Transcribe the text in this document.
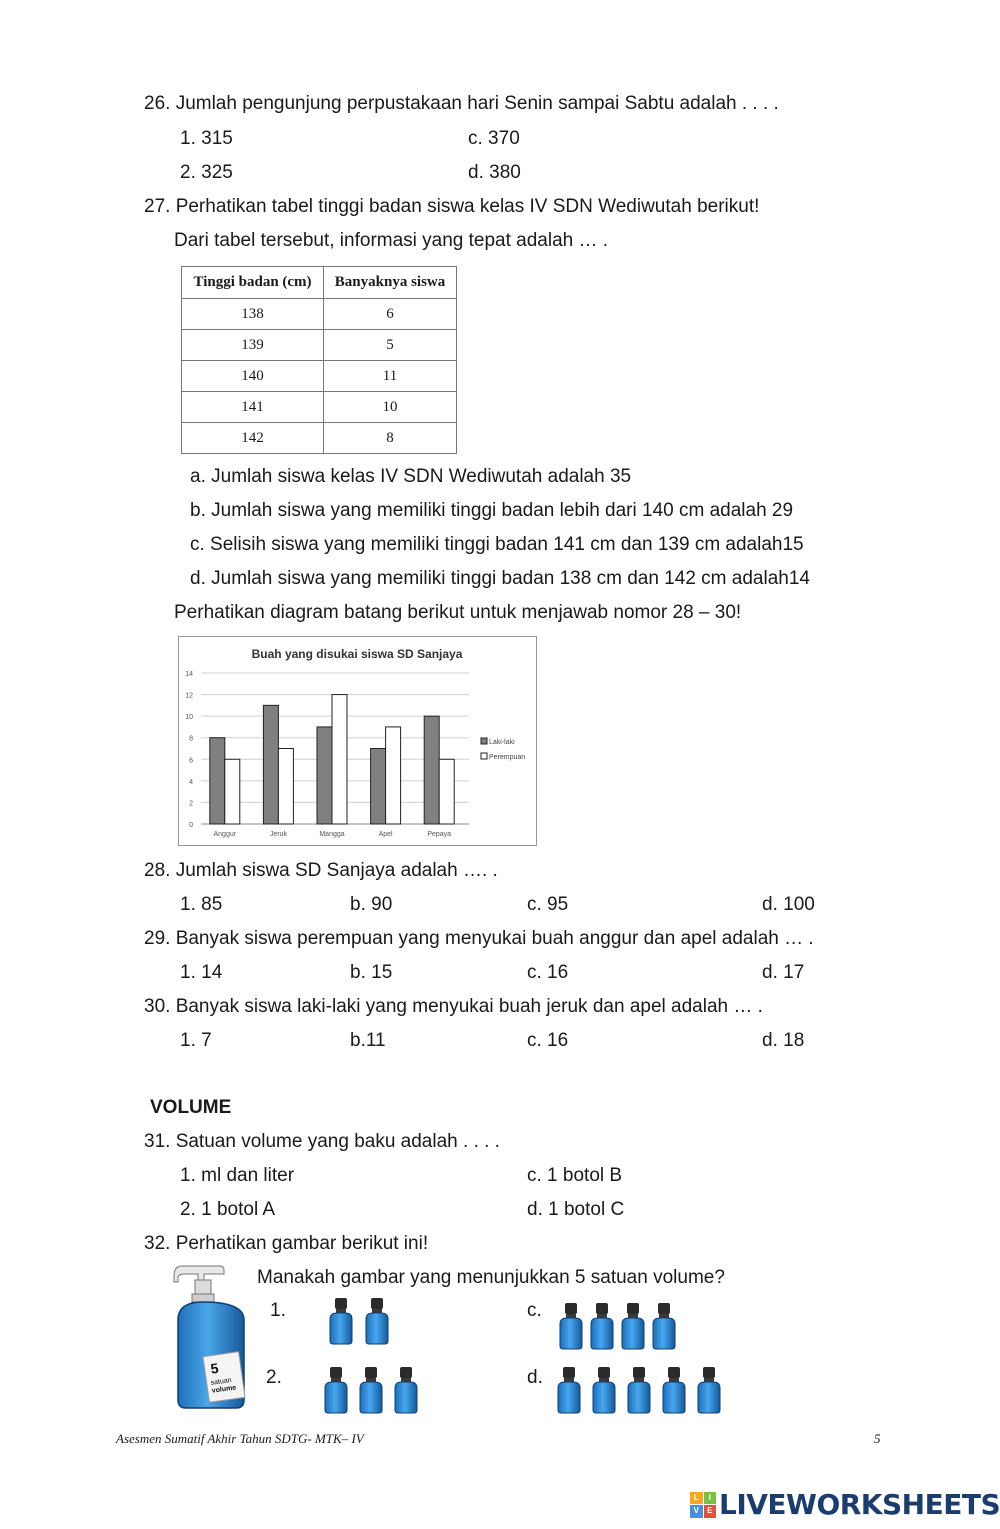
26. Jumlah pengunjung perpustakaan hari Senin sampai Sabtu adalah . . . .
1. 315	c. 370
2. 325	d. 380
27. Perhatikan tabel tinggi badan siswa kelas IV SDN Wediwutah berikut!
Dari tabel tersebut, informasi yang tepat adalah … .
Tinggi badan (cm)	Banyaknya siswa
138	6
139	5
140	11
141	10
142	8
a. Jumlah siswa kelas IV SDN Wediwutah adalah 35
b. Jumlah siswa yang memiliki tinggi badan lebih dari 140 cm adalah 29
c. Selisih siswa yang memiliki tinggi badan 141 cm dan 139 cm adalah15
d. Jumlah siswa yang memiliki tinggi badan 138 cm dan 142 cm adalah14
Perhatikan diagram batang berikut untuk menjawab nomor 28 – 30!
Buah yang disukai siswa SD Sanjaya
0
2
4
6
8
10
12
14
Anggur	Jeruk	Mangga	Apel	Pepaya
Laki-laki
Perempuan
28. Jumlah siswa SD Sanjaya adalah …. .
1. 85	b. 90	c. 95	d. 100
29. Banyak siswa perempuan yang menyukai buah anggur dan apel adalah … .
1. 14	b. 15	c. 16	d. 17
30. Banyak siswa laki-laki yang menyukai buah jeruk dan apel adalah … .
1. 7	b.11	c. 16	d. 18
VOLUME
31. Satuan volume yang baku adalah . . . .
1. ml dan liter	c. 1 botol B
2. 1 botol A	d. 1 botol C
32. Perhatikan gambar berikut ini!
Manakah gambar yang menunjukkan 5 satuan volume?
5
satuan
volume
1.	c.
2.	d.
Asesmen Sumatif Akhir Tahun SDTG- MTK– IV	5
L	I
V	E LIVEWORKSHEETS
